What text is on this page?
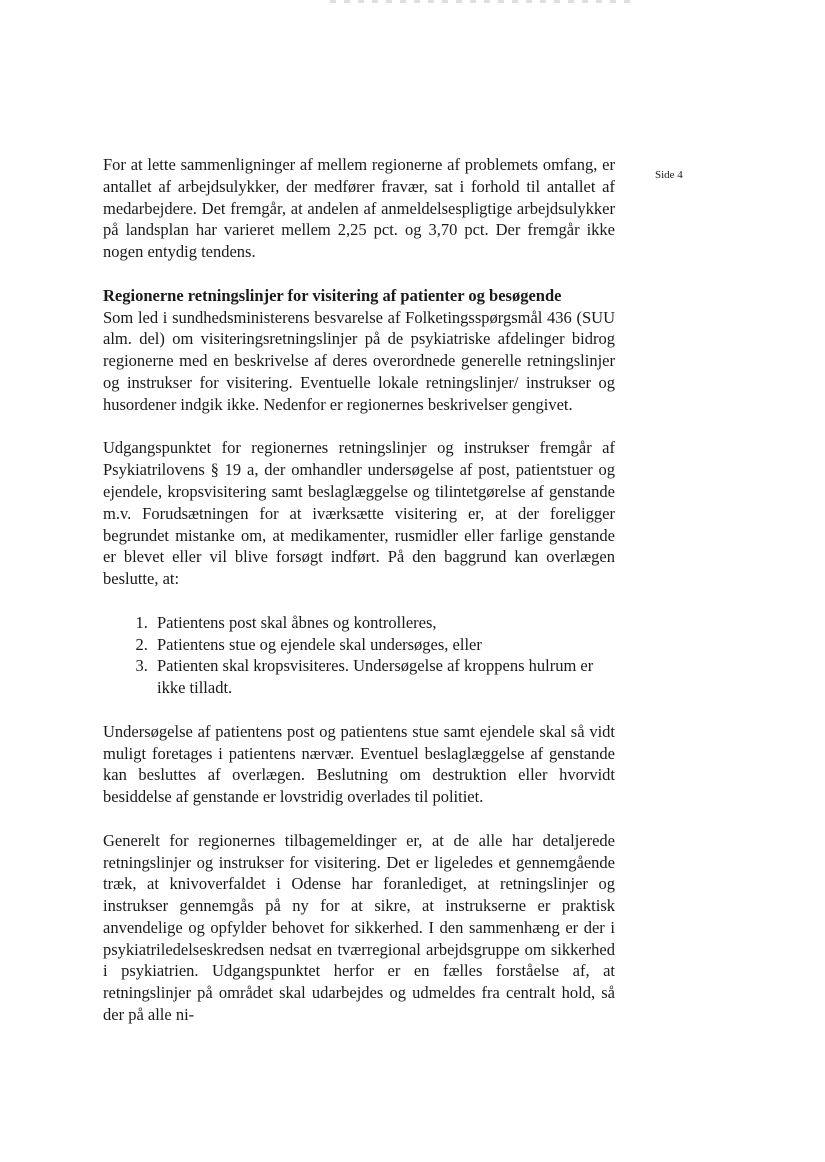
Side 4

For at lette sammenligninger af mellem regionerne af problemets omfang, er antallet af arbejdsulykker, der medfører fravær, sat i forhold til antallet af medarbejdere. Det fremgår, at andelen af anmeldelsespligtige arbejdsulykker på landsplan har varieret mellem 2,25 pct. og 3,70 pct. Der fremgår ikke nogen entydig tendens.

Regionerne retningslinjer for visitering af patienter og besøgende

Som led i sundhedsministerens besvarelse af Folketingsspørgsmål 436 (SUU alm. del) om visiteringsretningslinjer på de psykiatriske afdelinger bidrog regionerne med en beskrivelse af deres overordnede generelle retningslinjer og instrukser for visitering. Eventuelle lokale retningslinjer/ instrukser og husordener indgik ikke. Nedenfor er regionernes beskrivelser gengivet.

Udgangspunktet for regionernes retningslinjer og instrukser fremgår af Psykiatrilovens § 19 a, der omhandler undersøgelse af post, patientstuer og ejendele, kropsvisitering samt beslaglæggelse og tilintetgørelse af genstande m.v. Forudsætningen for at iværksætte visitering er, at der foreligger begrundet mistanke om, at medikamenter, rusmidler eller farlige genstande er blevet eller vil blive forsøgt indført. På den baggrund kan overlægen beslutte, at:

1. Patientens post skal åbnes og kontrolleres,
2. Patientens stue og ejendele skal undersøges, eller
3. Patienten skal kropsvisiteres. Undersøgelse af kroppens hulrum er ikke tilladt.

Undersøgelse af patientens post og patientens stue samt ejendele skal så vidt muligt foretages i patientens nærvær. Eventuel beslaglæggelse af genstande kan besluttes af overlægen. Beslutning om destruktion eller hvorvidt besiddelse af genstande er lovstridig overlades til politiet.

Generelt for regionernes tilbagemeldinger er, at de alle har detaljerede retningslinjer og instrukser for visitering. Det er ligeledes et gennemgående træk, at knivoverfaldet i Odense har foranlediget, at retningslinjer og instrukser gennemgås på ny for at sikre, at instrukserne er praktisk anvendelige og opfylder behovet for sikkerhed. I den sammenhæng er der i psykiatriledelseskredsen nedsat en tværregional arbejdsgruppe om sikkerhed i psykiatrien. Udgangspunktet herfor er en fælles forståelse af, at retningslinjer på området skal udarbejdes og udmeldes fra centralt hold, så der på alle ni-
